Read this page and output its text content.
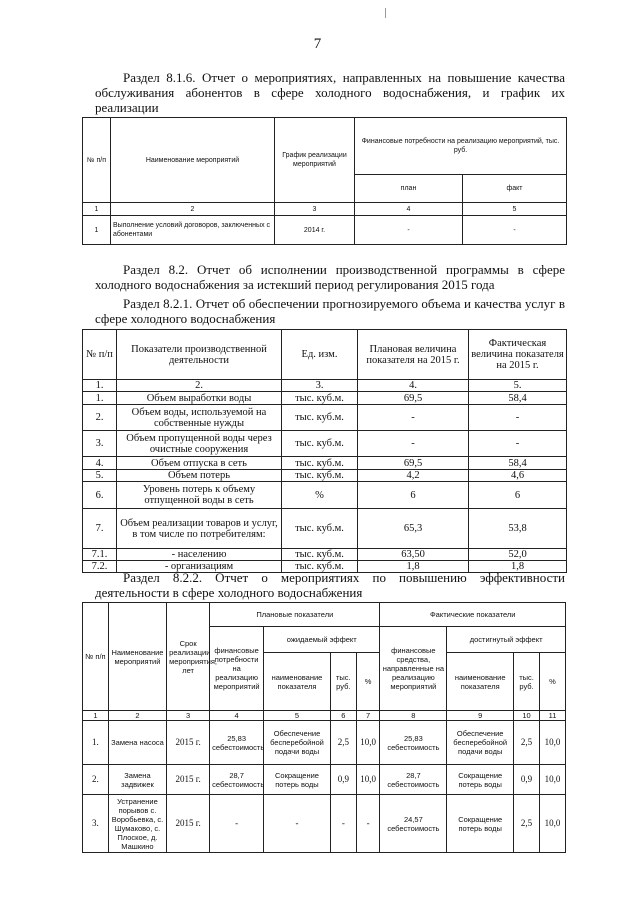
7
Раздел 8.1.6. Отчет о мероприятиях, направленных на повышение качества обслуживания абонентов в сфере холодного водоснабжения, и график их реализации
№ п/п	Наименование мероприятий	График реализации мероприятий	Финансовые потребности на реализацию мероприятий, тыс. руб.	
			план	факт
1	2	3	4	5
1	Выполнение условий договоров, заключенных с абонентами	2014 г.	-	-
Раздел 8.2. Отчет об исполнении производственной программы в сфере холодного водоснабжения за истекший период регулирования 2015 года
Раздел 8.2.1. Отчет об обеспечении прогнозируемого объема и качества услуг в сфере холодного водоснабжения
№ п/п	Показатели производственной деятельности	Ед. изм.	Плановая величина показателя на 2015 г.	Фактическая величина показателя на 2015 г.
1.	2.	3.	4.	5.
1.	Объем выработки воды	тыс. куб.м.	69,5	58,4
2.	Объем воды, используемой на собственные нужды	тыс. куб.м.	-	-
3.	Объем пропущенной воды через очистные сооружения	тыс. куб.м.	-	-
4.	Объем отпуска в сеть	тыс. куб.м.	69,5	58,4
5.	Объем потерь	тыс. куб.м.	4,2	4,6
6.	Уровень потерь к объему отпущенной воды в сеть	%	6	6
7.	Объем реализации товаров и услуг, в том числе по потребителям:	тыс. куб.м.	65,3	53,8
7.1.	- населению	тыс. куб.м.	63,50	52,0
7.2.	- организациям	тыс. куб.м.	1,8	1,8
Раздел 8.2.2. Отчет о мероприятиях по повышению эффективности деятельности в сфере холодного водоснабжения
№ п/п	Наименование мероприятий	Срок реализации мероприятия, лет	Плановые показатели				Фактические показатели			
			финансовые потребности на реализацию мероприятий	ожидаемый эффект			финансовые средства, направленные на реализацию мероприятий	достигнутый эффект		
				наименование показателя	тыс. руб.	%		наименование показателя	тыс. руб.	%
1	2	3	4	5	6	7	8	9	10	11
1.	Замена насоса	2015 г.	25,83 себестоимость	Обеспечение бесперебойной подачи воды	2,5	10,0	25,83 себестоимость	Обеспечение бесперебойной подачи воды	2,5	10,0
2.	Замена задвижек	2015 г.	28,7 себестоимость	Сокращение потерь воды	0,9	10,0	28,7 себестоимость	Сокращение потерь воды	0,9	10,0
3.	Устранение порывов с. Воробьевка, с. Шумаково, с. Плоское, д. Машкино	2015 г.	-	-	-	-	24,57 себестоимость	Сокращение потерь воды	2,5	10,0
